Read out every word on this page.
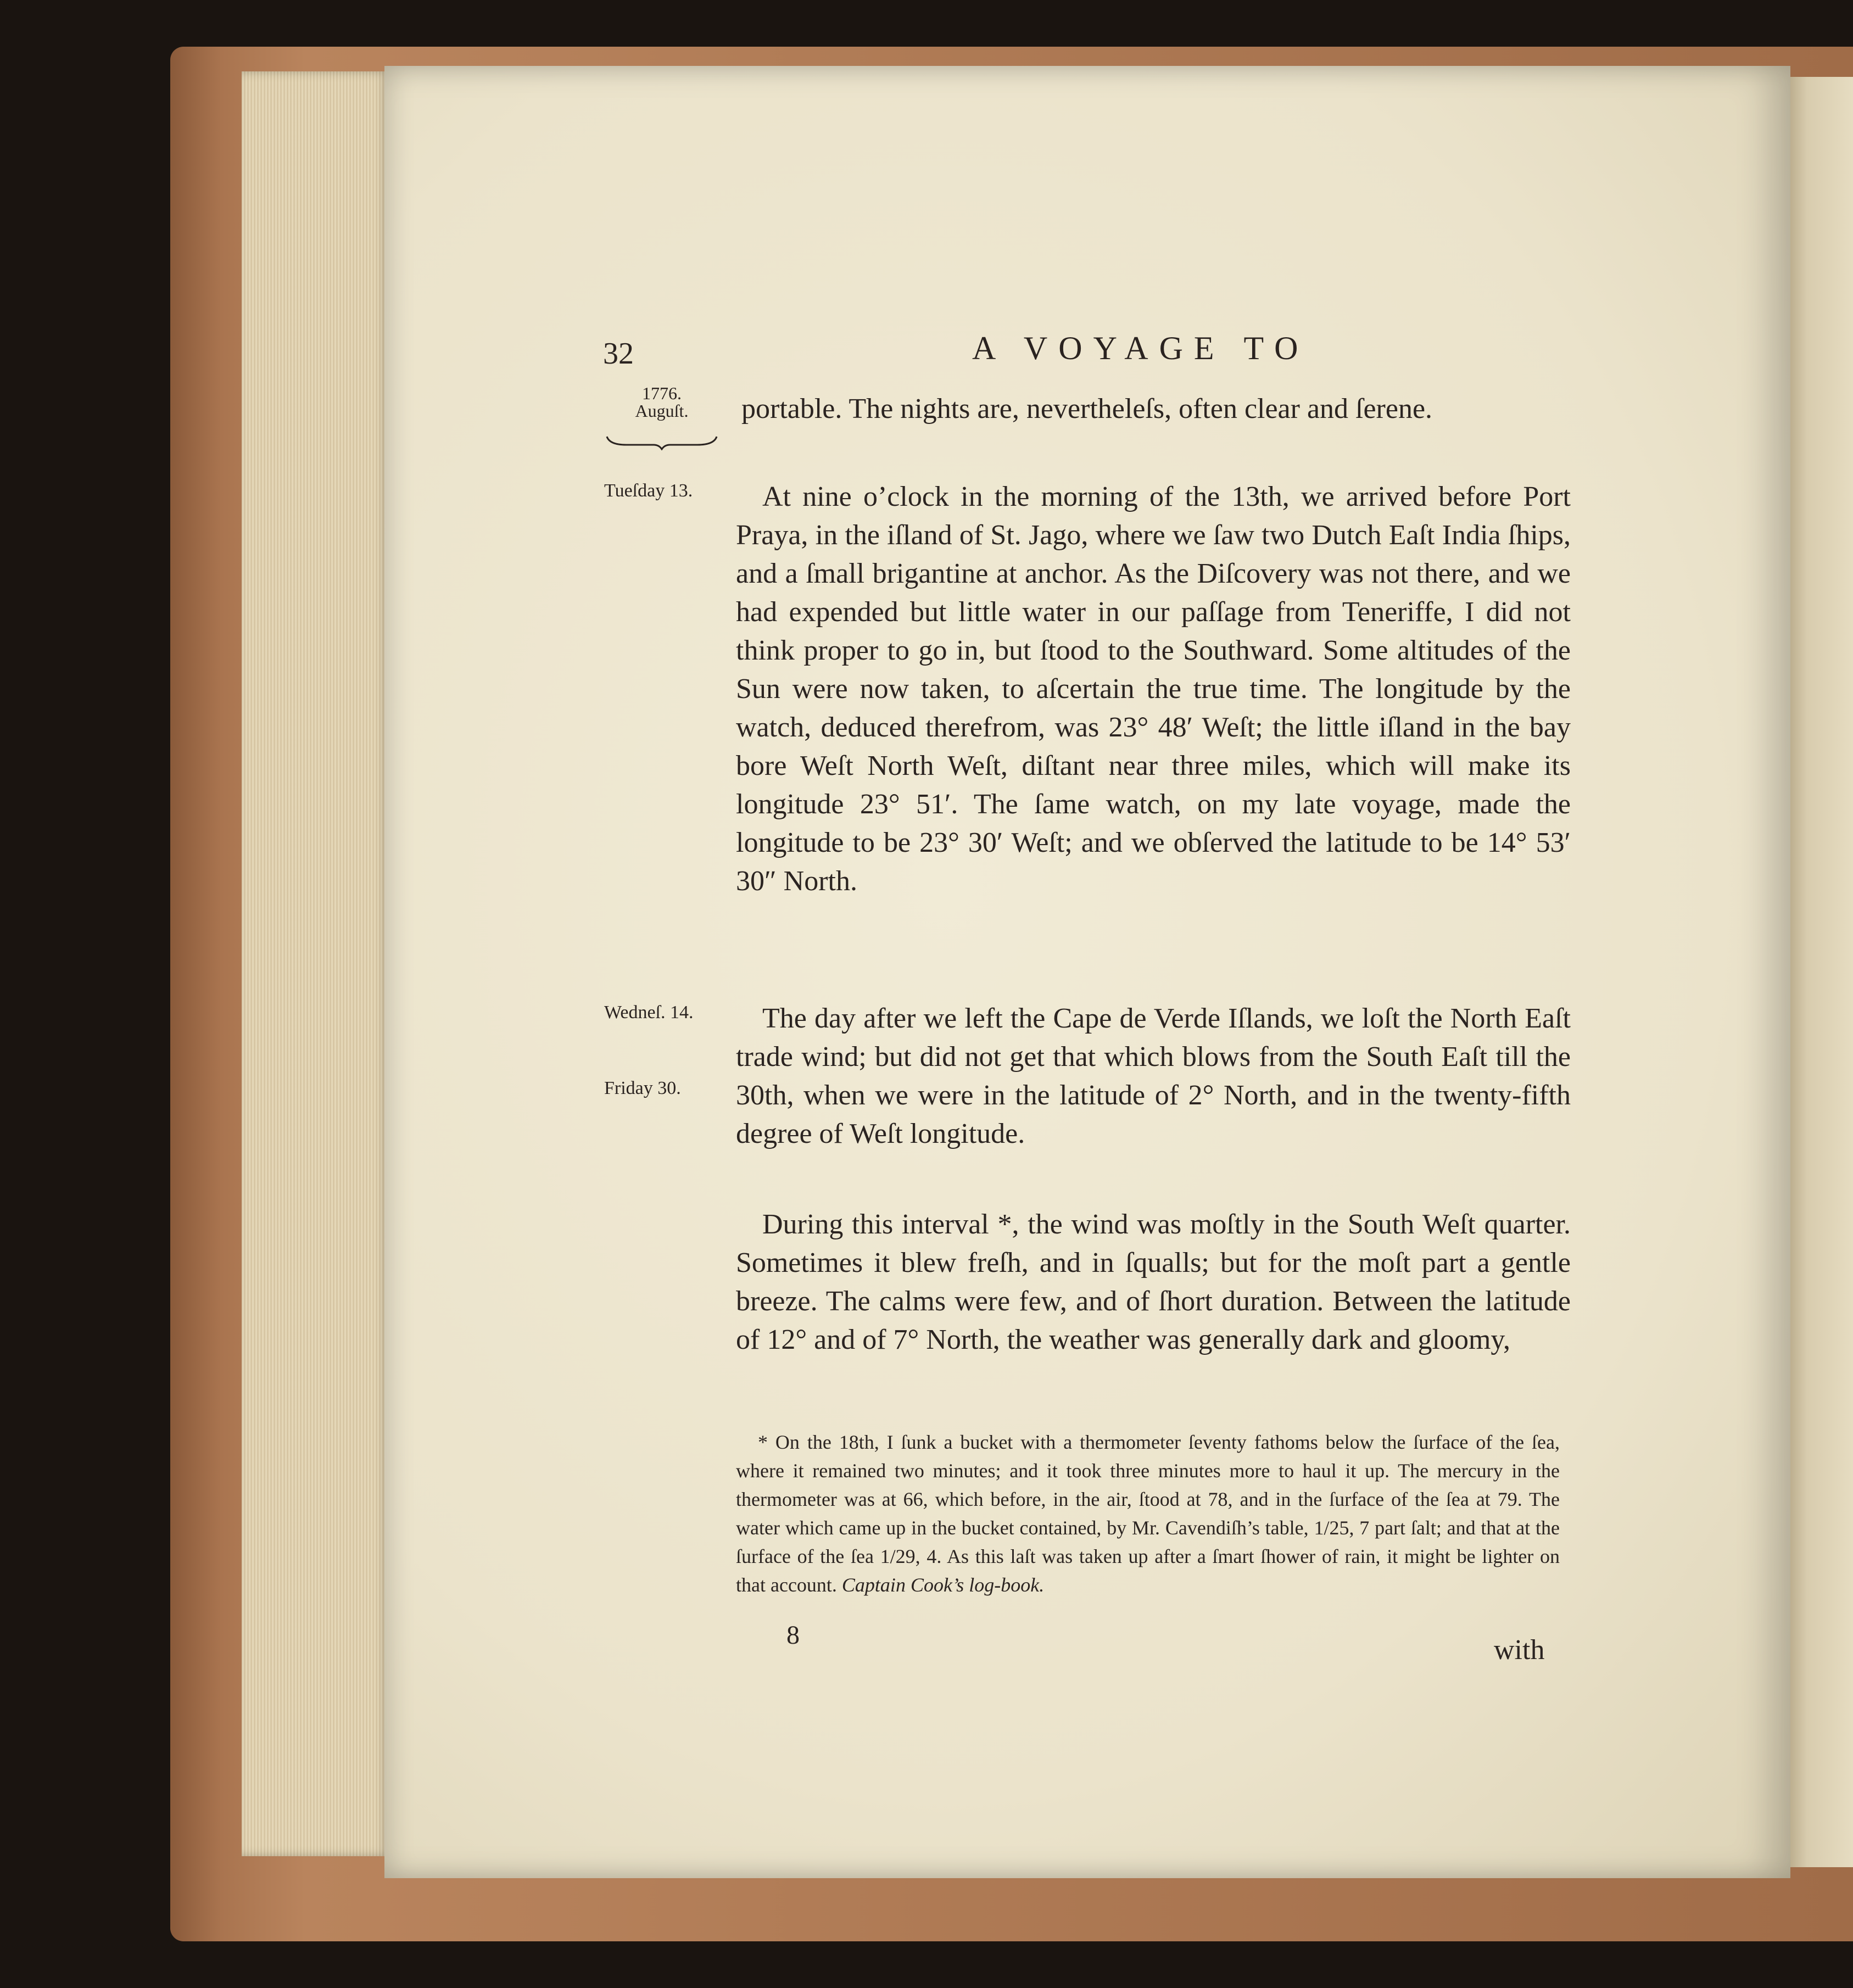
32	A VOYAGE TO
1776.
Auguſt.
Tueſday 13.
Wedneſ. 14.
Friday 30.

portable. The nights are, nevertheleſs, often clear and ſerene.

At nine o’clock in the morning of the 13th, we arrived before Port Praya, in the iſland of St. Jago, where we ſaw two Dutch Eaſt India ſhips, and a ſmall brigantine at anchor. As the Diſcovery was not there, and we had expended but little water in our paſſage from Teneriffe, I did not think proper to go in, but ſtood to the Southward. Some altitudes of the Sun were now taken, to aſcertain the true time. The longitude by the watch, deduced therefrom, was 23° 48′ Weſt; the little iſland in the bay bore Weſt North Weſt, diſtant near three miles, which will make its longitude 23° 51′. The ſame watch, on my late voyage, made the longitude to be 23° 30′ Weſt; and we obſerved the latitude to be 14° 53′ 30″ North.

The day after we left the Cape de Verde Iſlands, we loſt the North Eaſt trade wind; but did not get that which blows from the South Eaſt till the 30th, when we were in the latitude of 2° North, and in the twenty-fifth degree of Weſt longitude.

During this interval *, the wind was moſtly in the South Weſt quarter. Sometimes it blew freſh, and in ſqualls; but for the moſt part a gentle breeze. The calms were few, and of ſhort duration. Between the latitude of 12° and of 7° North, the weather was generally dark and gloomy,

* On the 18th, I ſunk a bucket with a thermometer ſeventy fathoms below the ſurface of the ſea, where it remained two minutes; and it took three minutes more to haul it up. The mercury in the thermometer was at 66, which before, in the air, ſtood at 78, and in the ſurface of the ſea at 79. The water which came up in the bucket contained, by Mr. Cavendiſh’s table, 1/25, 7 part ſalt; and that at the ſurface of the ſea 1/29, 4. As this laſt was taken up after a ſmart ſhower of rain, it might be lighter on that account. Captain Cook’s log-book.

8	with
